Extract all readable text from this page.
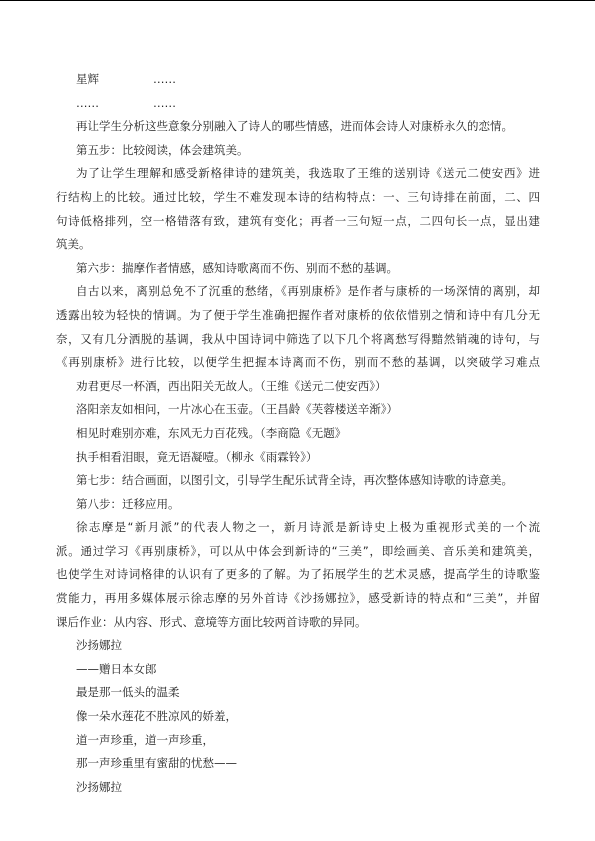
星辉	……
……	……
再让学生分析这些意象分别融入了诗人的哪些情感，进而体会诗人对康桥永久的恋情。
第五步：比较阅读，体会建筑美。
为了让学生理解和感受新格律诗的建筑美，我选取了王维的送别诗《送元二使安西》进
行结构上的比较。通过比较，学生不难发现本诗的结构特点：一、三句诗排在前面，二、四
句诗低格排列，空一格错落有致，建筑有变化；再者一三句短一点，二四句长一点，显出建
筑美。
第六步：揣摩作者情感，感知诗歌离而不伤、别而不愁的基调。
自古以来，离别总免不了沉重的愁绪，《再别康桥》是作者与康桥的一场深情的离别，却
透露出较为轻快的情调。为了便于学生准确把握作者对康桥的依依惜别之情和诗中有几分无
奈，又有几分洒脱的基调，我从中国诗词中筛选了以下几个将离愁写得黯然销魂的诗句，与
《再别康桥》进行比较，以便学生把握本诗离而不伤，别而不愁的基调，以突破学习难点
劝君更尽一杯酒，西出阳关无故人。（王维《送元二使安西》）
洛阳亲友如相问，一片冰心在玉壶。（王昌龄《芙蓉楼送辛渐》）
相见时难别亦难，东风无力百花残。（李商隐《无题》
执手相看泪眼，竟无语凝噎。（柳永《雨霖铃》）
第七步：结合画面，以图引文，引导学生配乐试背全诗，再次整体感知诗歌的诗意美。
第八步：迁移应用。
徐志摩是“新月派”的代表人物之一，新月诗派是新诗史上极为重视形式美的一个流
派。通过学习《再别康桥》，可以从中体会到新诗的“三美”，即绘画美、音乐美和建筑美，
也使学生对诗词格律的认识有了更多的了解。为了拓展学生的艺术灵感，提高学生的诗歌鉴
赏能力，再用多媒体展示徐志摩的另外首诗《沙扬娜拉》，感受新诗的特点和“三美”，并留
课后作业：从内容、形式、意境等方面比较两首诗歌的异同。
沙扬娜拉
——赠日本女郎
最是那一低头的温柔
像一朵水莲花不胜凉风的娇羞，
道一声珍重，道一声珍重，
那一声珍重里有蜜甜的忧愁——
沙扬娜拉
